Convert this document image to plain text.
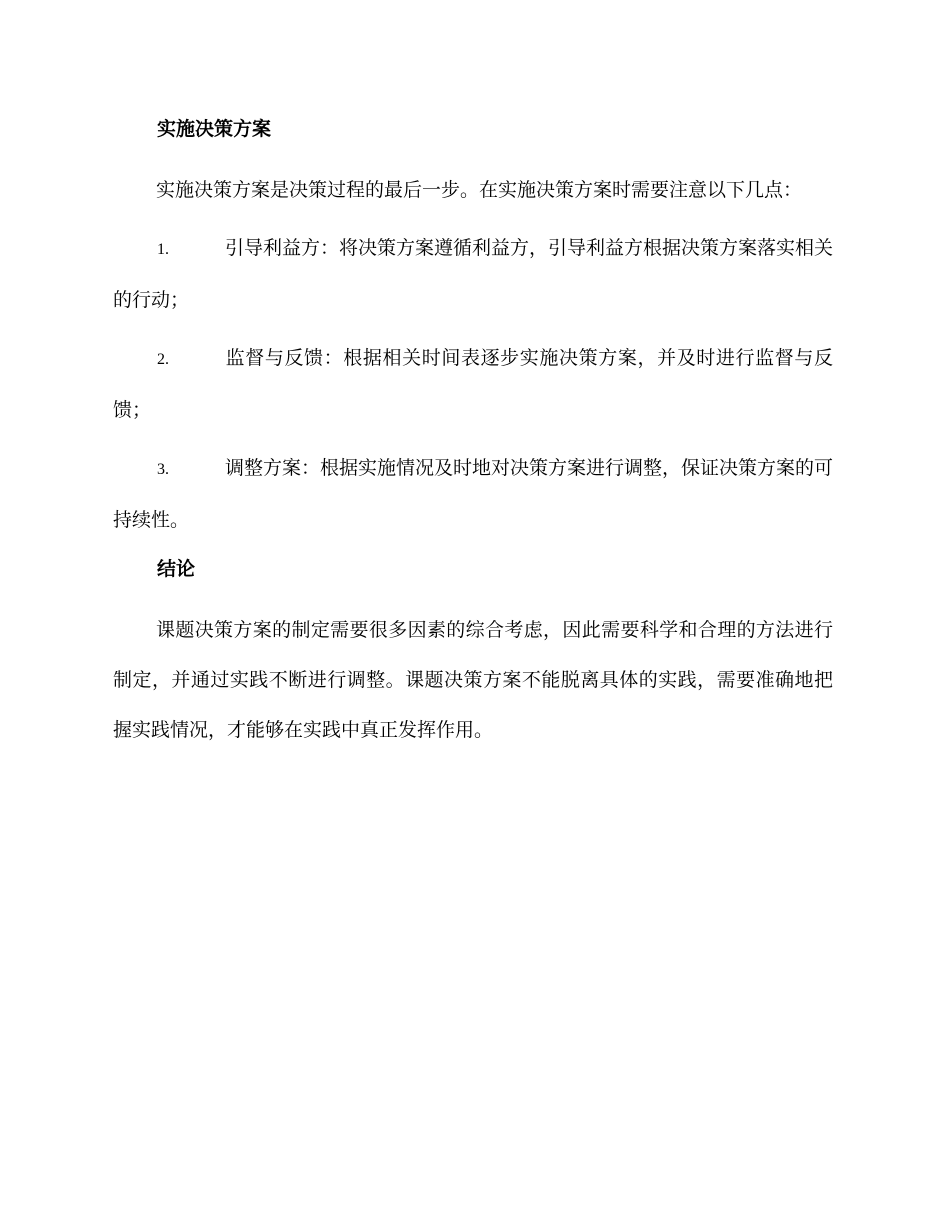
实施决策方案

实施决策方案是决策过程的最后一步。在实施决策方案时需要注意以下几点：

1.	引导利益方：将决策方案遵循利益方，引导利益方根据决策方案落实相关的行动；

2.	监督与反馈：根据相关时间表逐步实施决策方案，并及时进行监督与反馈；

3.	调整方案：根据实施情况及时地对决策方案进行调整，保证决策方案的可持续性。

结论

课题决策方案的制定需要很多因素的综合考虑，因此需要科学和合理的方法进行制定，并通过实践不断进行调整。课题决策方案不能脱离具体的实践，需要准确地把握实践情况，才能够在实践中真正发挥作用。
